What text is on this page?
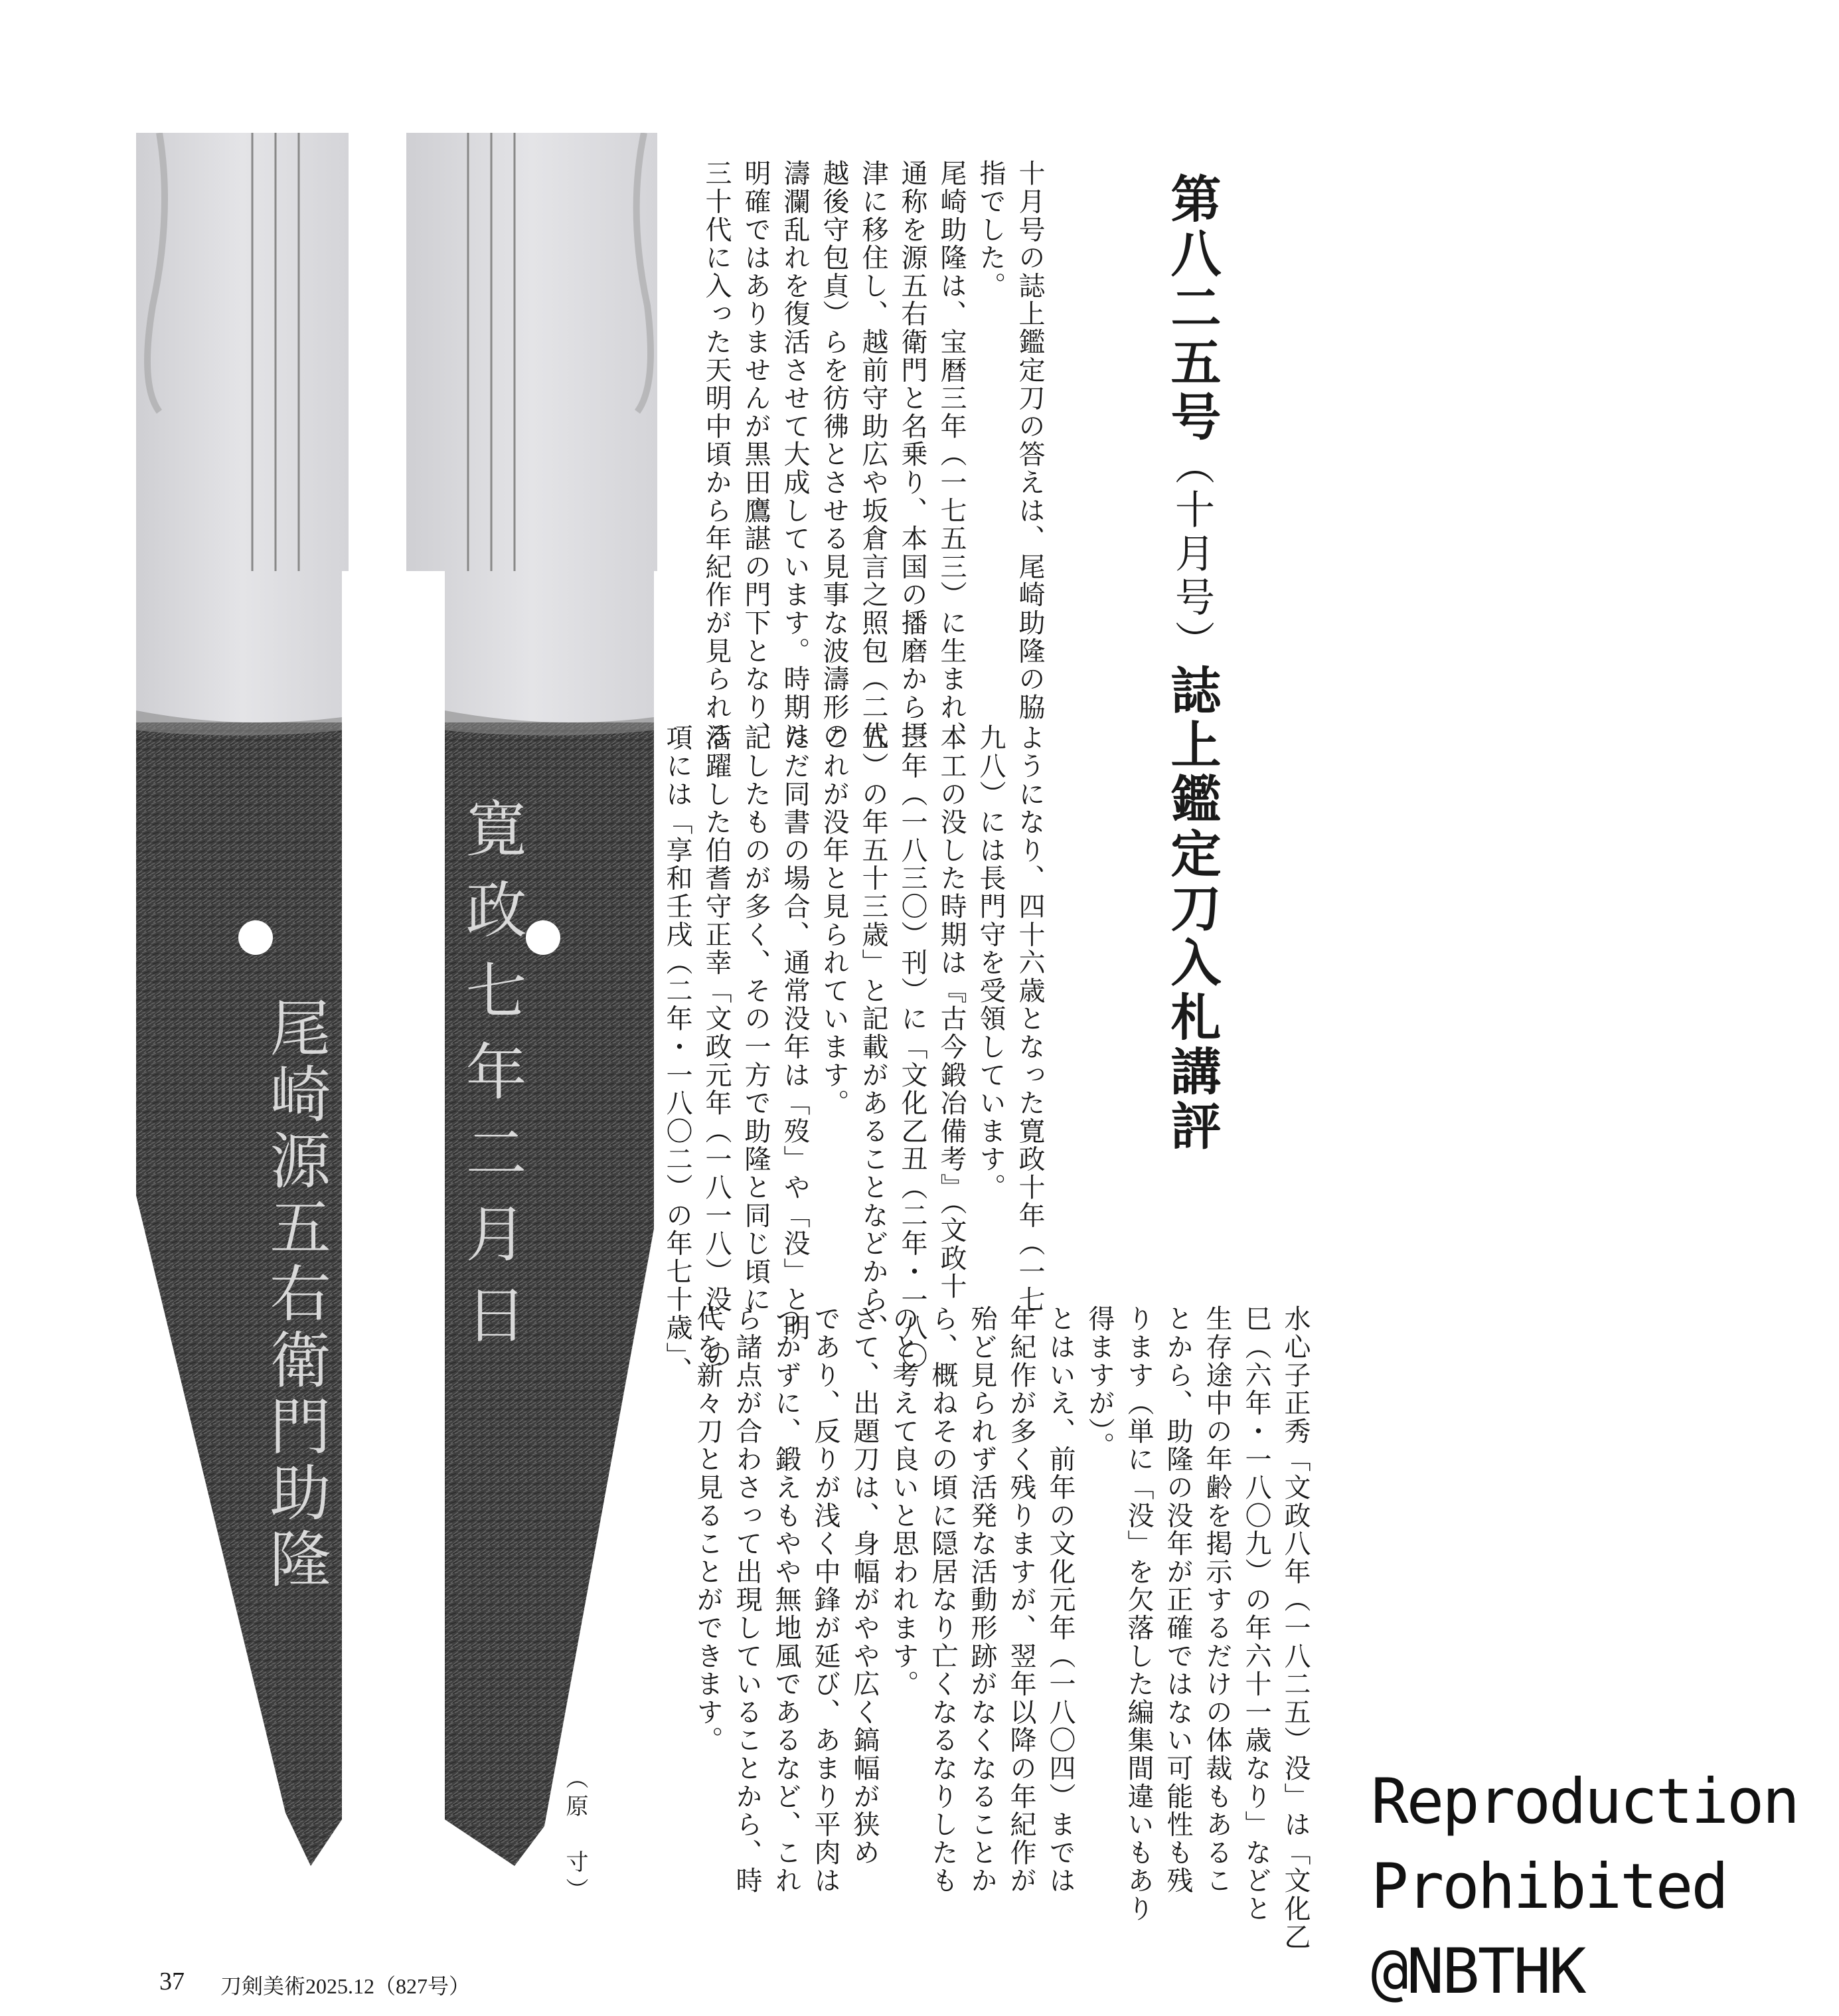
尾崎源五右衛門助隆 寛政七年二月日
第八二五号（十月号）誌上鑑定刀入札講評
十月号の誌上鑑定刀の答えは、尾崎助隆の脇
指でした。
尾崎助隆は、宝暦三年（一七五三）に生まれ、
通称を源五右衛門と名乗り、本国の播磨から摂
津に移住し、越前守助広や坂倉言之照包（二代
越後守包貞）らを彷彿とさせる見事な波濤形の
濤瀾乱れを復活させて大成しています。時期は
明確ではありませんが黒田鷹諶の門下となり、
三十代に入った天明中頃から年紀作が見られる
ようになり、四十六歳となった寛政十年（一七
九八）には長門守を受領しています。
本工の没した時期は『古今鍛冶備考』（文政十
三年（一八三〇）刊）に「文化乙丑（二年・一八〇
五）の年五十三歳」と記載があることなどから、
これが没年と見られています。
ただ同書の場合、通常没年は「歿」や「没」と明
記したものが多く、その一方で助隆と同じ頃に
活躍した伯耆守正幸「文政元年（一八一八）没」の
項には「享和壬戌（二年・一八〇二）の年七十歳」、
水心子正秀「文政八年（一八二五）没」は「文化乙
巳（六年・一八〇九）の年六十一歳なり」などと
生存途中の年齢を掲示するだけの体裁もあるこ
とから、助隆の没年が正確ではない可能性も残
ります（単に「没」を欠落した編集間違いもあり
得ますが）。
とはいえ、前年の文化元年（一八〇四）までは
年紀作が多く残りますが、翌年以降の年紀作が
殆ど見られず活発な活動形跡がなくなることか
ら、概ねその頃に隠居なり亡くなるなりしたも
のと考えて良いと思われます。
さて、出題刀は、身幅がやや広く鎬幅が狭め
であり、反りが浅く中鋒が延び、あまり平肉は
つかずに、鍛えもやや無地風であるなど、これ
ら諸点が合わさって出現していることから、時
代を新々刀と見ることができます。
（原　寸）
37 刀剣美術2025.12（827号）
Reproduction
Prohibited
@NBTHK
